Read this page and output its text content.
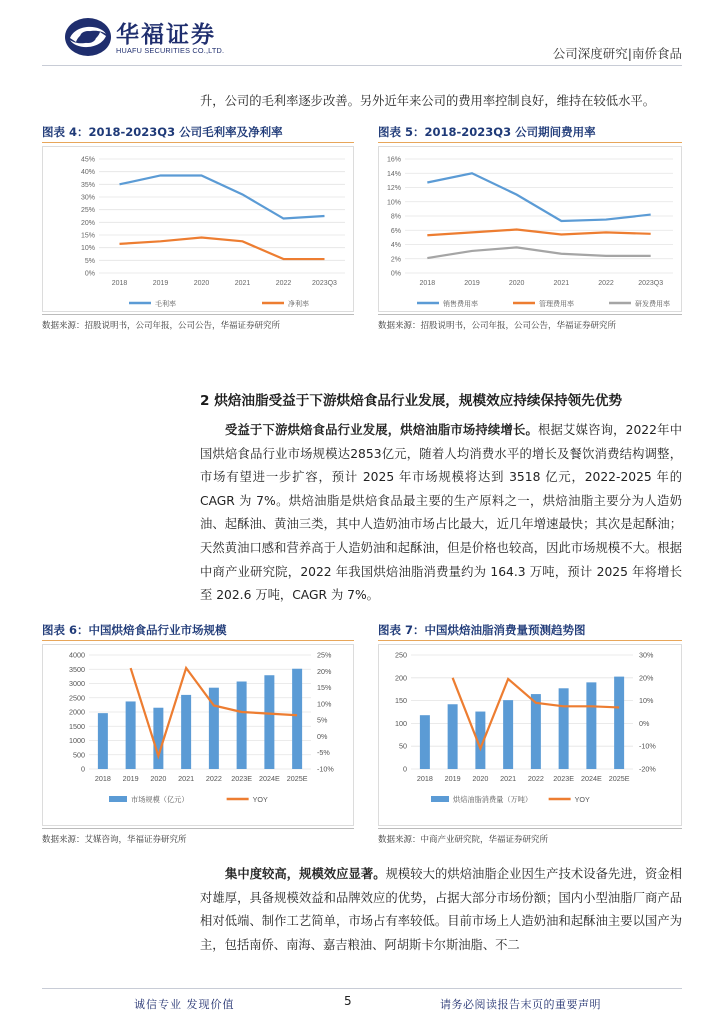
华福证券
HUAFU SECURITIES CO.,LTD.	公司深度研究|南侨食品

升，公司的毛利率逐步改善。另外近年来公司的费用率控制良好，维持在较低水平。

图表 4：2018-2023Q3 公司毛利率及净利率
0%
5%
10%
15%
20%
25%
30%
35%
40%
45%
2018	2019	2020	2021	2022	2023Q3
毛利率	净利率
数据来源：招股说明书，公司年报，公司公告，华福证券研究所
图表 5：2018-2023Q3 公司期间费用率
0%
2%
4%
6%
8%
10%
12%
14%
16%
2018	2019	2020	2021	2022	2023Q3
销售费用率	管理费用率	研发费用率
数据来源：招股说明书，公司年报，公司公告，华福证券研究所
2 烘焙油脂受益于下游烘焙食品行业发展，规模效应持续保持领先优势

受益于下游烘焙食品行业发展，烘焙油脂市场持续增长。根据艾媒咨询，2022年中国烘焙食品行业市场规模达2853亿元，随着人均消费水平的增长及餐饮消费结构调整，市场有望进一步扩容，预计 2025 年市场规模将达到 3518 亿元，2022-2025 年的 CAGR 为 7%。烘焙油脂是烘焙食品最主要的生产原料之一，烘焙油脂主要分为人造奶油、起酥油、黄油三类，其中人造奶油市场占比最大，近几年增速最快；其次是起酥油；天然黄油口感和营养高于人造奶油和起酥油，但是价格也较高，因此市场规模不大。根据中商产业研究院，2022 年我国烘焙油脂消费量约为 164.3 万吨，预计 2025 年将增长至 202.6 万吨，CAGR 为 7%。

图表 6：中国烘焙食品行业市场规模
0
500
1000
1500
2000
2500
3000
3500
4000
-10%
-5%
0%
5%
10%
15%
20%
25%
2018 2019 2020 2021 2022 2023E 2024E 2025E
市场规模（亿元）	YOY
数据来源：艾媒咨询，华福证券研究所
图表 7：中国烘焙油脂消费量预测趋势图
0
50
100
150
200
250
-20%
-10%
0%
10%
20%
30%
2018 2019 2020 2021 2022 2023E 2024E 2025E
烘焙油脂消费量（万吨）	YOY
数据来源：中商产业研究院，华福证券研究所

集中度较高，规模效应显著。规模较大的烘焙油脂企业因生产技术设备先进，资金相对雄厚，具备规模效益和品牌效应的优势，占据大部分市场份额；国内小型油脂厂商产品相对低端、制作工艺简单，市场占有率较低。目前市场上人造奶油和起酥油主要以国产为主，包括南侨、南海、嘉吉粮油、阿胡斯卡尔斯油脂、不二

诚信专业 发现价值	5	请务必阅读报告末页的重要声明
